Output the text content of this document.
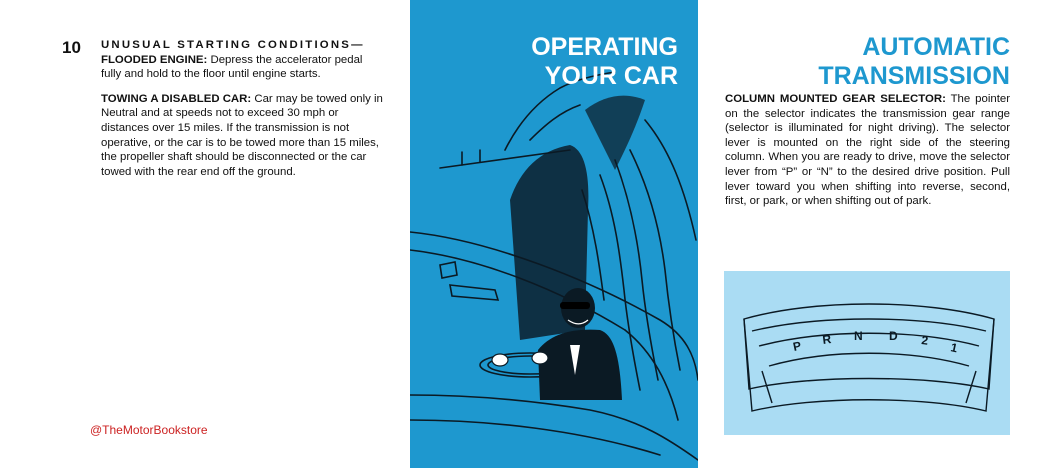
10 UNUSUAL STARTING CONDITIONS—
FLOODED ENGINE: Depress the accelerator pedal fully and hold to the floor until engine starts.

TOWING A DISABLED CAR: Car may be towed only in Neutral and at speeds not to exceed 30 mph or distances over 15 miles. If the transmission is not operative, or the car is to be towed more than 15 miles, the propeller shaft should be disconnected or the car towed with the rear end off the ground.

@TheMotorBookstore
OPERATING
YOUR CAR
AUTOMATIC
TRANSMISSION
COLUMN MOUNTED GEAR SELECTOR: The pointer on the selector indicates the transmission gear range (selector is illuminated for night driving). The selector lever is mounted on the right side of the steering column. When you are ready to drive, move the selector lever from “P” or “N” to the desired drive position. Pull lever toward you when shifting into reverse, second, first, or park, or when shifting out of park.
P R N D 2 1
